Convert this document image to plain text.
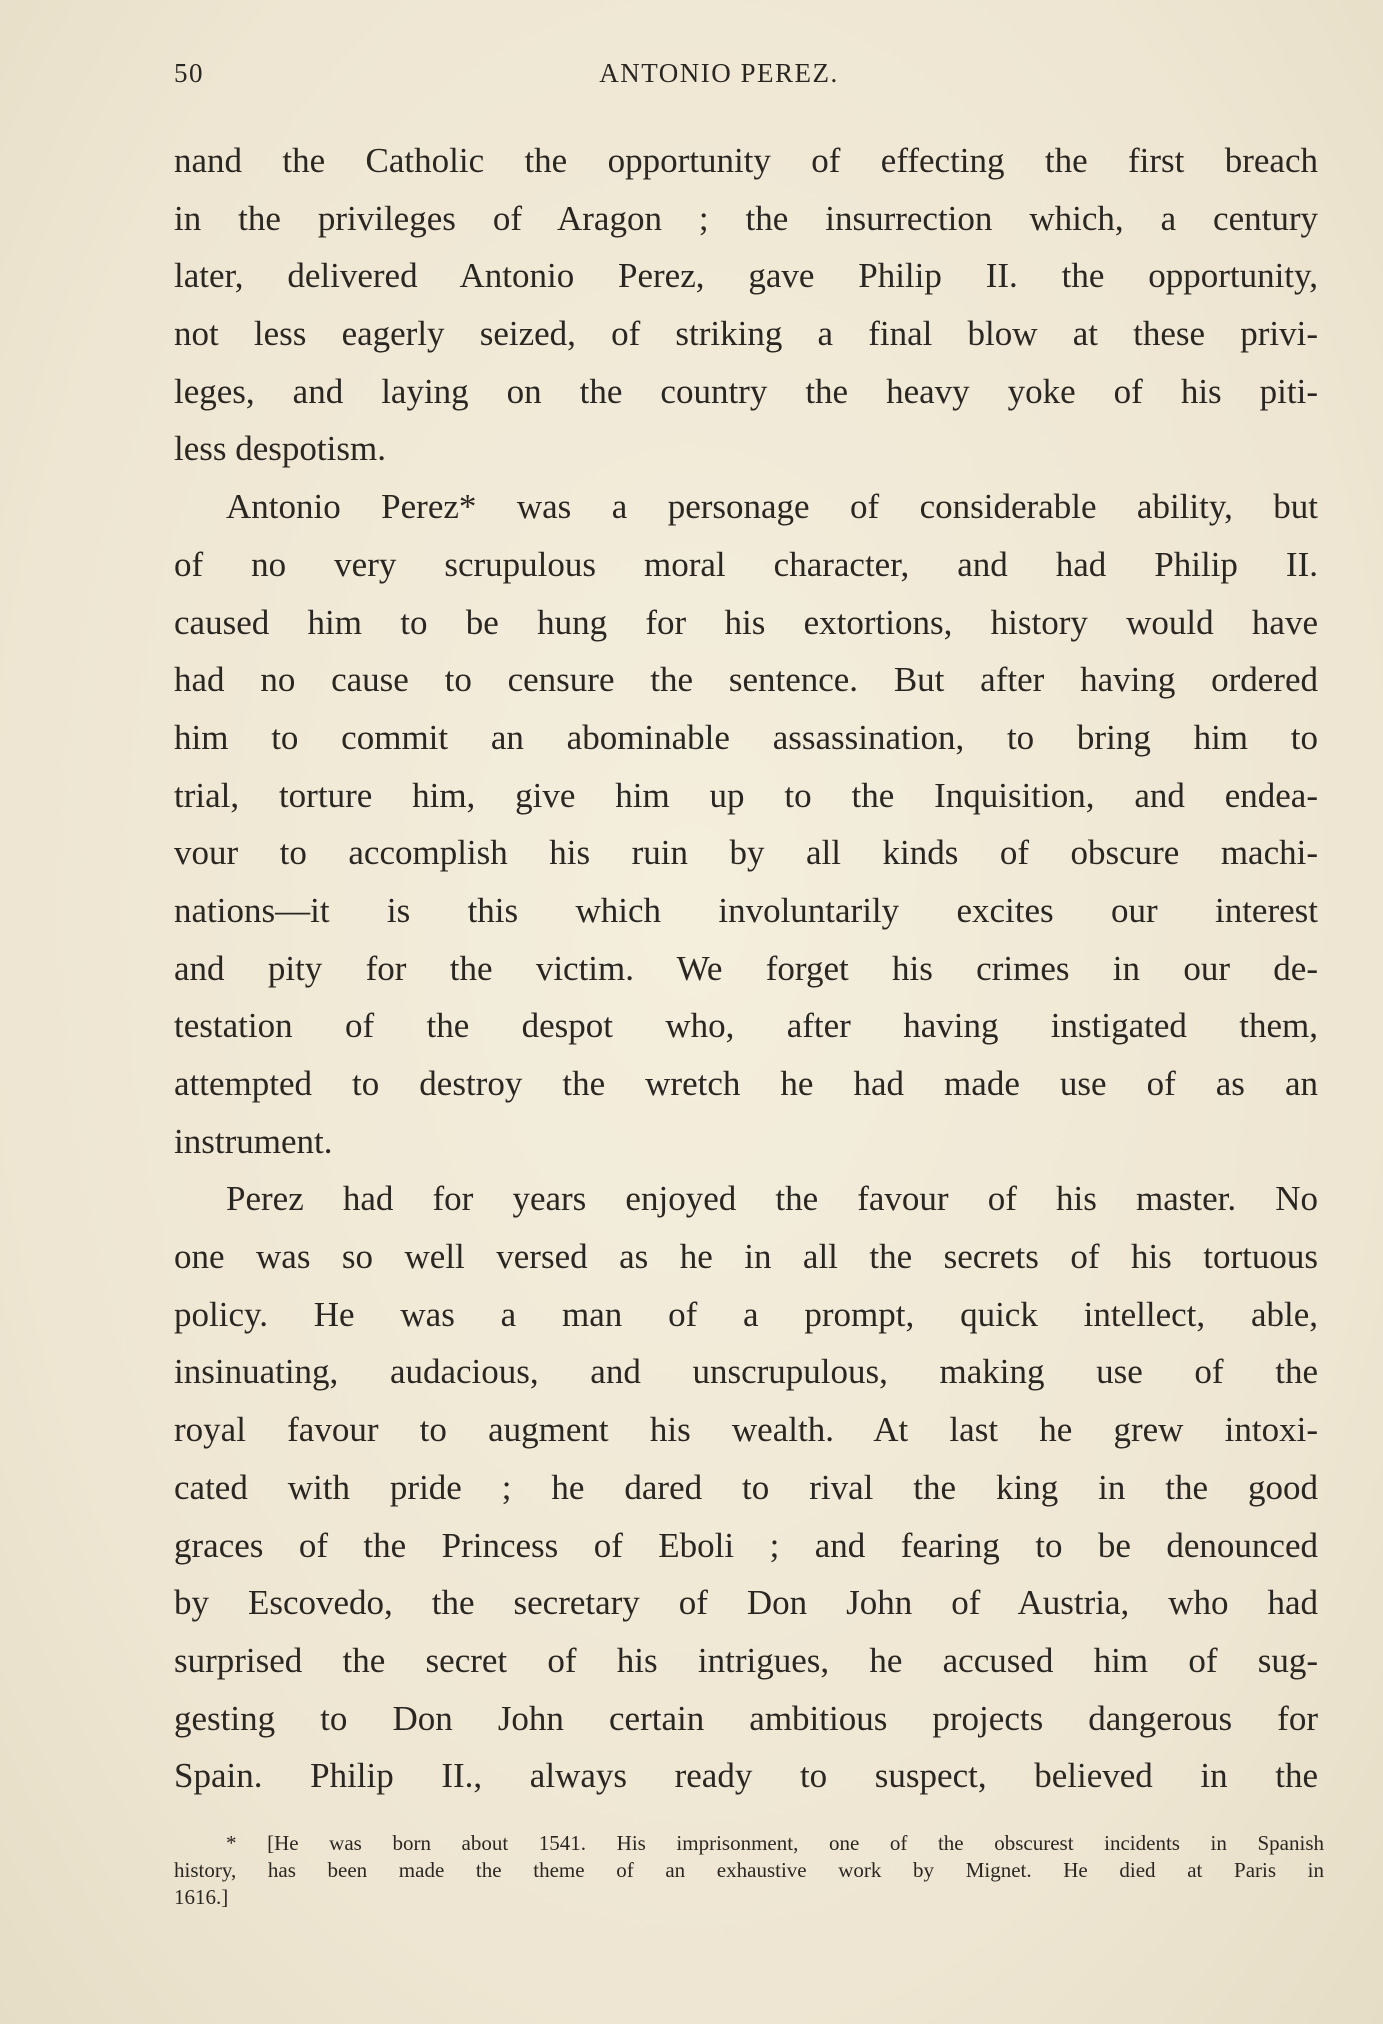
50	ANTONIO PEREZ.
nand the Catholic the opportunity of effecting the first breach
in the privileges of Aragon ; the insurrection which, a century
later, delivered Antonio Perez, gave Philip II. the opportunity,
not less eagerly seized, of striking a final blow at these privi-
leges, and laying on the country the heavy yoke of his piti-
less despotism.
Antonio Perez* was a personage of considerable ability, but
of no very scrupulous moral character, and had Philip II.
caused him to be hung for his extortions, history would have
had no cause to censure the sentence. But after having ordered
him to commit an abominable assassination, to bring him to
trial, torture him, give him up to the Inquisition, and endea-
vour to accomplish his ruin by all kinds of obscure machi-
nations—it is this which involuntarily excites our interest
and pity for the victim. We forget his crimes in our de-
testation of the despot who, after having instigated them,
attempted to destroy the wretch he had made use of as an
instrument.
Perez had for years enjoyed the favour of his master. No
one was so well versed as he in all the secrets of his tortuous
policy. He was a man of a prompt, quick intellect, able,
insinuating, audacious, and unscrupulous, making use of the
royal favour to augment his wealth. At last he grew intoxi-
cated with pride ; he dared to rival the king in the good
graces of the Princess of Eboli ; and fearing to be denounced
by Escovedo, the secretary of Don John of Austria, who had
surprised the secret of his intrigues, he accused him of sug-
gesting to Don John certain ambitious projects dangerous for
Spain. Philip II., always ready to suspect, believed in the
* [He was born about 1541. His imprisonment, one of the obscurest incidents in Spanish
history, has been made the theme of an exhaustive work by Mignet. He died at Paris in
1616.]
